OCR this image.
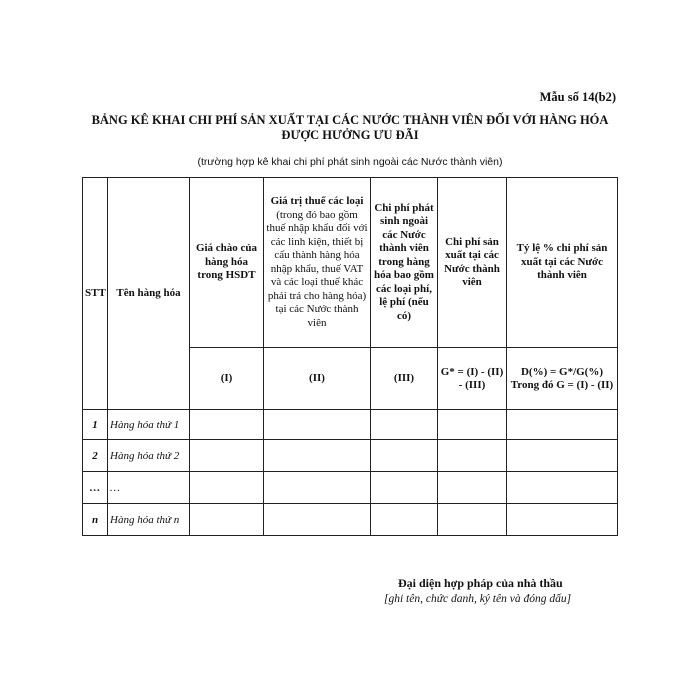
Mẫu số 14(b2)
BẢNG KÊ KHAI CHI PHÍ SẢN XUẤT TẠI CÁC NƯỚC THÀNH VIÊN ĐỐI VỚI HÀNG HÓA
ĐƯỢC HƯỞNG ƯU ĐÃI
(trường hợp kê khai chi phí phát sinh ngoài các Nước thành viên)
STT	Tên hàng hóa	Giá chào của hàng hóa trong HSDT	Giá trị thuế các loại (trong đó bao gồm thuế nhập khẩu đối với các linh kiện, thiết bị cấu thành hàng hóa nhập khẩu, thuế VAT và các loại thuế khác phải trả cho hàng hóa) tại các Nước thành viên	Chi phí phát sinh ngoài các Nước thành viên trong hàng hóa bao gồm các loại phí, lệ phí (nếu có)	Chi phí sản xuất tại các Nước thành viên	Tỷ lệ % chi phí sản xuất tại các Nước thành viên
		(I)	(II)	(III)	G* = (I) - (II) - (III)	D(%) = G*/G(%)
Trong đó G = (I) - (II)

1	Hàng hóa thứ 1					
2	Hàng hóa thứ 2					
…	…					
n	Hàng hóa thứ n					
Đại diện hợp pháp của nhà thầu
[ghi tên, chức danh, ký tên và đóng dấu]
